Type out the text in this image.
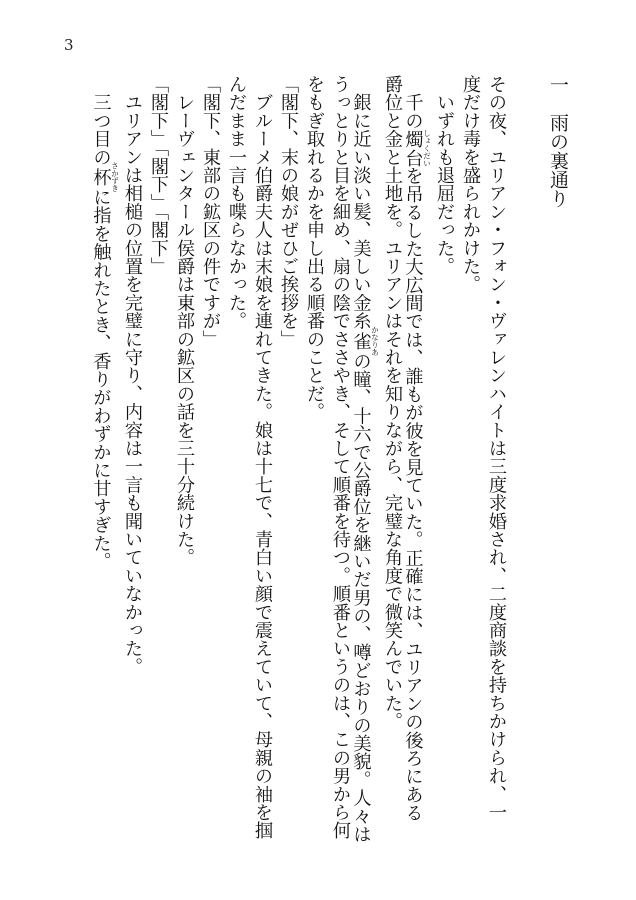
3
一　雨の裏通り
その夜、ユリアン・フォン・ヴァレンハイトは三度求婚され、二度商談を持ちかけられ、一
度だけ毒を盛られかけた。
　いずれも退屈だった。
　千の燭台 しょくだいを吊るした大広間では、誰もが彼を見ていた。正確には、ユリアンの後ろにある
爵位と金と土地を。ユリアンはそれを知りながら、完璧な角度で微笑んでいた。
　銀に近い淡い髪、美しい金糸雀 かなりあの瞳、十六で公爵位を継いだ男の、噂どおりの美貌。人々は
うっとりと目を細め、扇の陰でささやき、そして順番を待つ。順番というのは、この男から何
をもぎ取れるかを申し出る順番のことだ。
「閣下、末の娘がぜひご挨拶を」
　ブルーメ伯爵夫人は末娘を連れてきた。娘は十七で、青白い顔で震えていて、母親の袖を掴
んだまま一言も喋らなかった。
「閣下、東部の鉱区の件ですが」
　レーヴェンタール侯爵は東部の鉱区の話を三十分続けた。
「閣下」「閣下」「閣下」
　ユリアンは相槌の位置を完璧に守り、内容は一言も聞いていなかった。
　三つ目の杯 さかずきに指を触れたとき、香りがわずかに甘すぎた。
